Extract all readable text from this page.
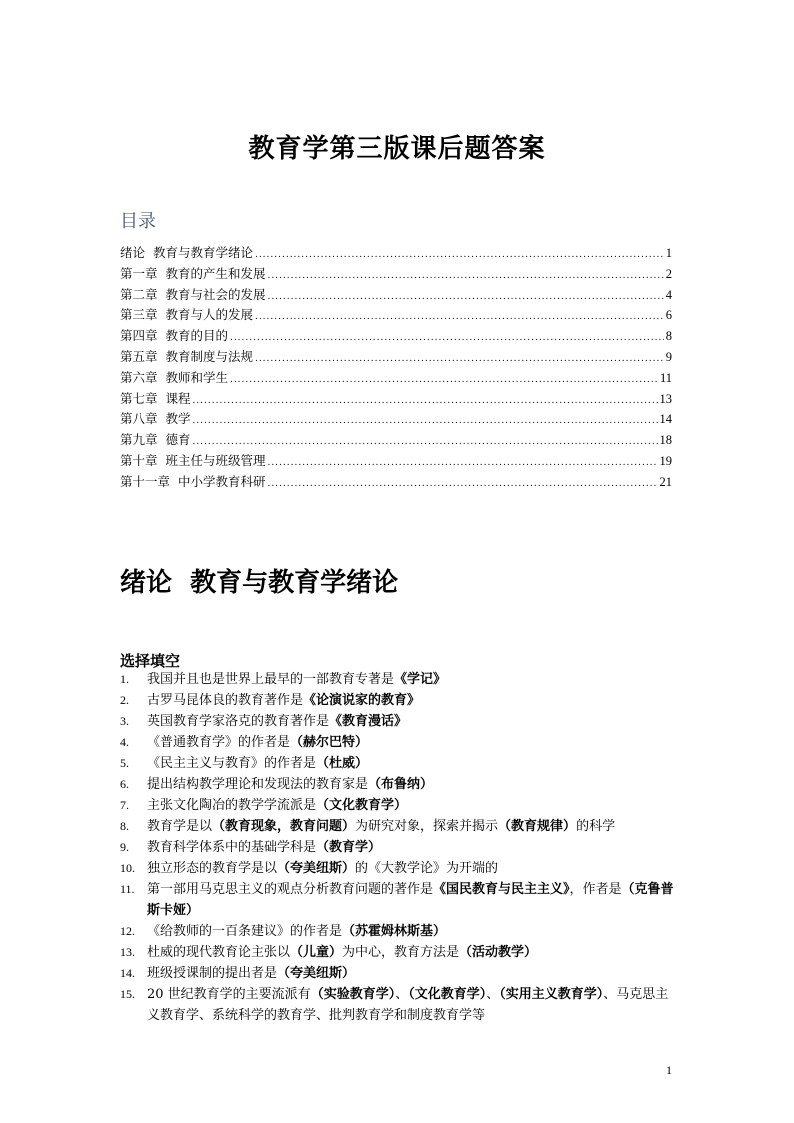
教育学第三版课后题答案
目录
绪论  教育与教育学绪论 .....	1
第一章  教育的产生和发展 .....	2
第二章  教育与社会的发展 .....	4
第三章  教育与人的发展 .....	6
第四章  教育的目的 .....	8
第五章  教育制度与法规 .....	9
第六章  教师和学生 .....	11
第七章  课程 .....	13
第八章  教学 .....	14
第九章  德育 .....	18
第十章  班主任与班级管理 .....	19
第十一章  中小学教育科研 .....	21
绪论  教育与教育学绪论
选择填空
1.	我国并且也是世界上最早的一部教育专著是《学记》
2.	古罗马昆体良的教育著作是《论演说家的教育》
3.	英国教育学家洛克的教育著作是《教育漫话》
4.	《普通教育学》的作者是（赫尔巴特）
5.	《民主主义与教育》的作者是（杜威）
6.	提出结构教学理论和发现法的教育家是（布鲁纳）
7.	主张文化陶冶的教学学流派是（文化教育学）
8.	教育学是以（教育现象，教育问题）为研究对象，探索并揭示（教育规律）的科学
9.	教育科学体系中的基础学科是（教育学）
10. 独立形态的教育学是以（夸美纽斯）的《大教学论》为开端的
11. 第一部用马克思主义的观点分析教育问题的著作是《国民教育与民主主义》，作者是（克鲁普斯卡娅）
12. 《给教师的一百条建议》的作者是（苏霍姆林斯基）
13. 杜威的现代教育论主张以（儿童）为中心，教育方法是（活动教学）
14. 班级授课制的提出者是（夸美纽斯）
15. 20 世纪教育学的主要流派有（实验教育学）、（文化教育学）、（实用主义教育学）、马克思主义教育学、系统科学的教育学、批判教育学和制度教育学等
1
